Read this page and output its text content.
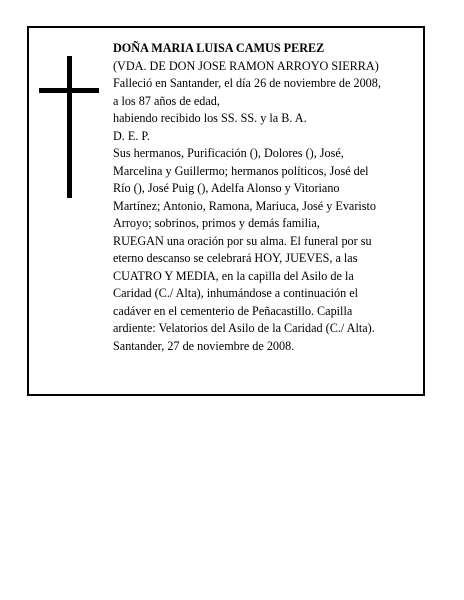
DOÑA MARIA LUISA CAMUS PEREZ
(VDA. DE DON JOSE RAMON ARROYO SIERRA)
Falleció en Santander, el día 26 de noviembre de 2008,
a los 87 años de edad,
habiendo recibido los SS. SS. y la B. A.
D. E. P.
Sus hermanos, Purificación (), Dolores (), José,
Marcelina y Guillermo; hermanos políticos, José del
Río (), José Puig (), Adelfa Alonso y Vitoriano
Martínez; Antonio, Ramona, Mariuca, José y Evaristo
Arroyo; sobrinos, primos y demás familia,
RUEGAN una oración por su alma. El funeral por su
eterno descanso se celebrará HOY, JUEVES, a las
CUATRO Y MEDIA, en la capilla del Asilo de la
Caridad (C./ Alta), inhumándose a continuación el
cadáver en el cementerio de Peñacastillo. Capilla
ardiente: Velatorios del Asilo de la Caridad (C./ Alta).
Santander, 27 de noviembre de 2008.
